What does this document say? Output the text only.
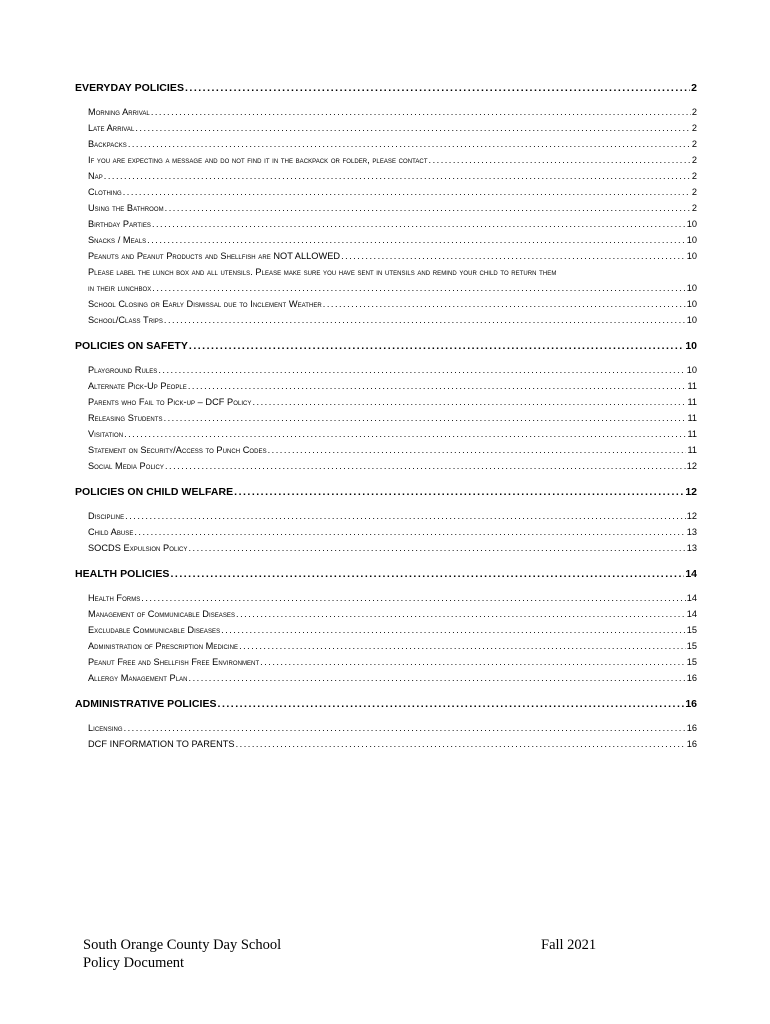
EVERYDAY POLICIES .....	2
Morning Arrival .....	2
Late Arrival .....	2
Backpacks .....	2
If you are expecting a message and do not find it in the backpack or folder, please contact .....	2
Nap .....	2
Clothing .....	2
Using the Bathroom .....	2
Birthday Parties .....	10
Snacks / Meals .....	10
Peanuts and Peanut Products and Shellfish are
NOT ALLOWED .....	10
Please label the lunch box and all utensils. Please make sure you have sent in utensils and remind your child to return them
in their lunchbox .....	10
School Closing or Early Dismissal due to Inclement Weather .....	10
School/Class Trips .....	10
POLICIES ON SAFETY .....	10
Playground Rules .....	10
Alternate Pick-Up People .....	11
Parents who Fail to Pick-up – DCF Policy .....	11
Releasing Students .....	11
Visitation .....	11
Statement on Security/Access to Punch Codes .....	11
Social Media Policy .....	12
POLICIES ON CHILD WELFARE .....	12
Discipline .....	12
Child Abuse .....	13
SOCDS Expulsion Policy .....	13
HEALTH POLICIES .....	14
Health Forms .....	14
Management of Communicable Diseases .....	14
Excludable Communicable Diseases .....	15
Administration of Prescription Medicine .....	15
Peanut Free and Shellfish Free Environment .....	15
Allergy Management Plan .....	16
ADMINISTRATIVE POLICIES .....	16
Licensing .....	16
DCF INFORMATION TO PARENTS .....	16
South Orange County Day School
Policy Document
Fall 2021
